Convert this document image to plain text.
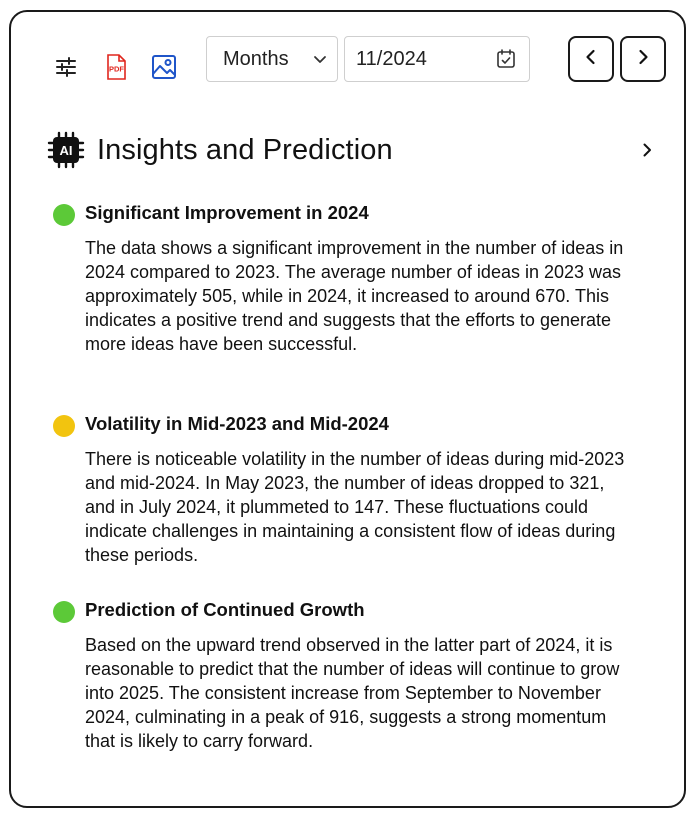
PDF	Months	11/2024
AI Insights and Prediction
Significant Improvement in 2024

The data shows a significant improvement in the number of ideas in 2024 compared to 2023. The average number of ideas in 2023 was approximately 505, while in 2024, it increased to around 670. This indicates a positive trend and suggests that the efforts to generate more ideas have been successful.

Volatility in Mid-2023 and Mid-2024

There is noticeable volatility in the number of ideas during mid-2023 and mid-2024. In May 2023, the number of ideas dropped to 321, and in July 2024, it plummeted to 147. These fluctuations could indicate challenges in maintaining a consistent flow of ideas during these periods.

Prediction of Continued Growth

Based on the upward trend observed in the latter part of 2024, it is reasonable to predict that the number of ideas will continue to grow into 2025. The consistent increase from September to November 2024, culminating in a peak of 916, suggests a strong momentum that is likely to carry forward.
